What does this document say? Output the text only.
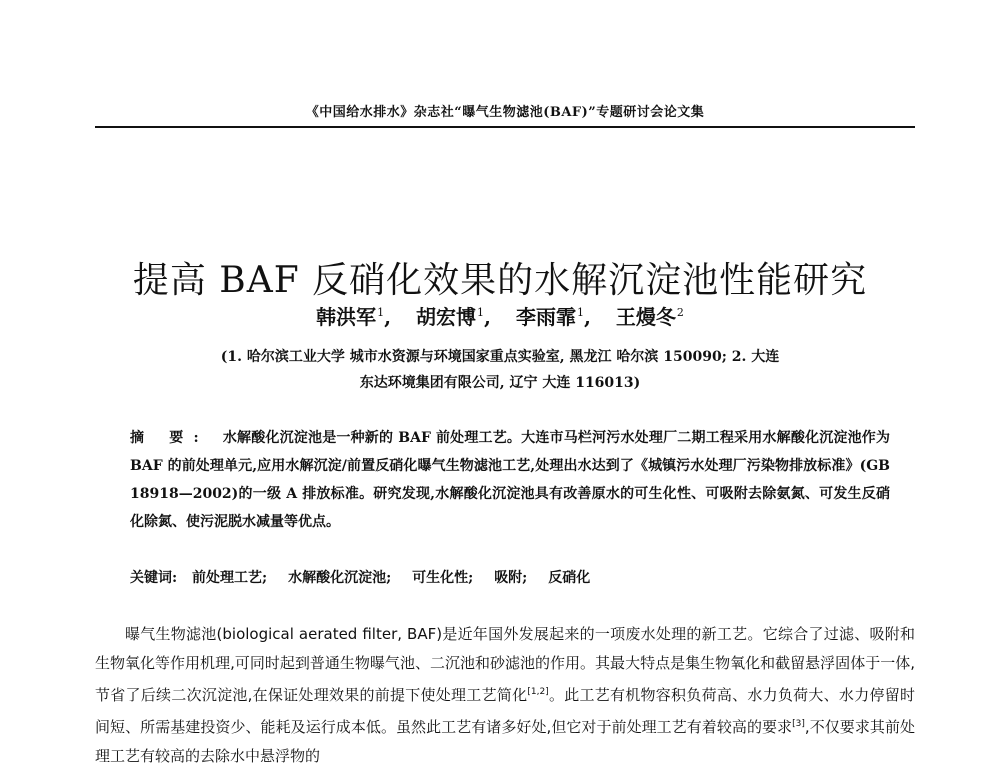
《中国给水排水》杂志社“曝气生物滤池(BAF)”专题研讨会论文集
提高 BAF 反硝化效果的水解沉淀池性能研究
韩洪军$^1$, 胡宏博$^1$, 李雨霏$^1$, 王熳冬$^2$
(1. 哈尔滨工业大学 城市水资源与环境国家重点实验室, 黑龙江 哈尔滨 150090; 2. 大连
东达环境集团有限公司, 辽宁 大连 116013)
摘 要: 水解酸化沉淀池是一种新的 BAF 前处理工艺。大连市马栏河污水处理厂二期工程采用水解酸化沉淀池作为 BAF 的前处理单元,应用水解沉淀/前置反硝化曝气生物滤池工艺,处理出水达到了《城镇污水处理厂污染物排放标准》(GB 18918—2002)的一级 A 排放标准。研究发现,水解酸化沉淀池具有改善原水的可生化性、可吸附去除氨氮、可发生反硝化除氮、使污泥脱水减量等优点。
关键词: 前处理工艺; 水解酸化沉淀池; 可生化性; 吸附; 反硝化

曝气生物滤池(biological aerated filter, BAF)是近年国外发展起来的一项废水处理的新工艺。它综合了过滤、吸附和生物氧化等作用机理,可同时起到普通生物曝气池、二沉池和砂滤池的作用。其最大特点是集生物氧化和截留悬浮固体于一体,节省了后续二次沉淀池,在保证处理效果的前提下使处理工艺简化[1,2]。此工艺有机物容积负荷高、水力负荷大、水力停留时间短、所需基建投资少、能耗及运行成本低。虽然此工艺有诸多好处,但它对于前处理工艺有着较高的要求[3],不仅要求其前处理工艺有较高的去除水中悬浮物的
